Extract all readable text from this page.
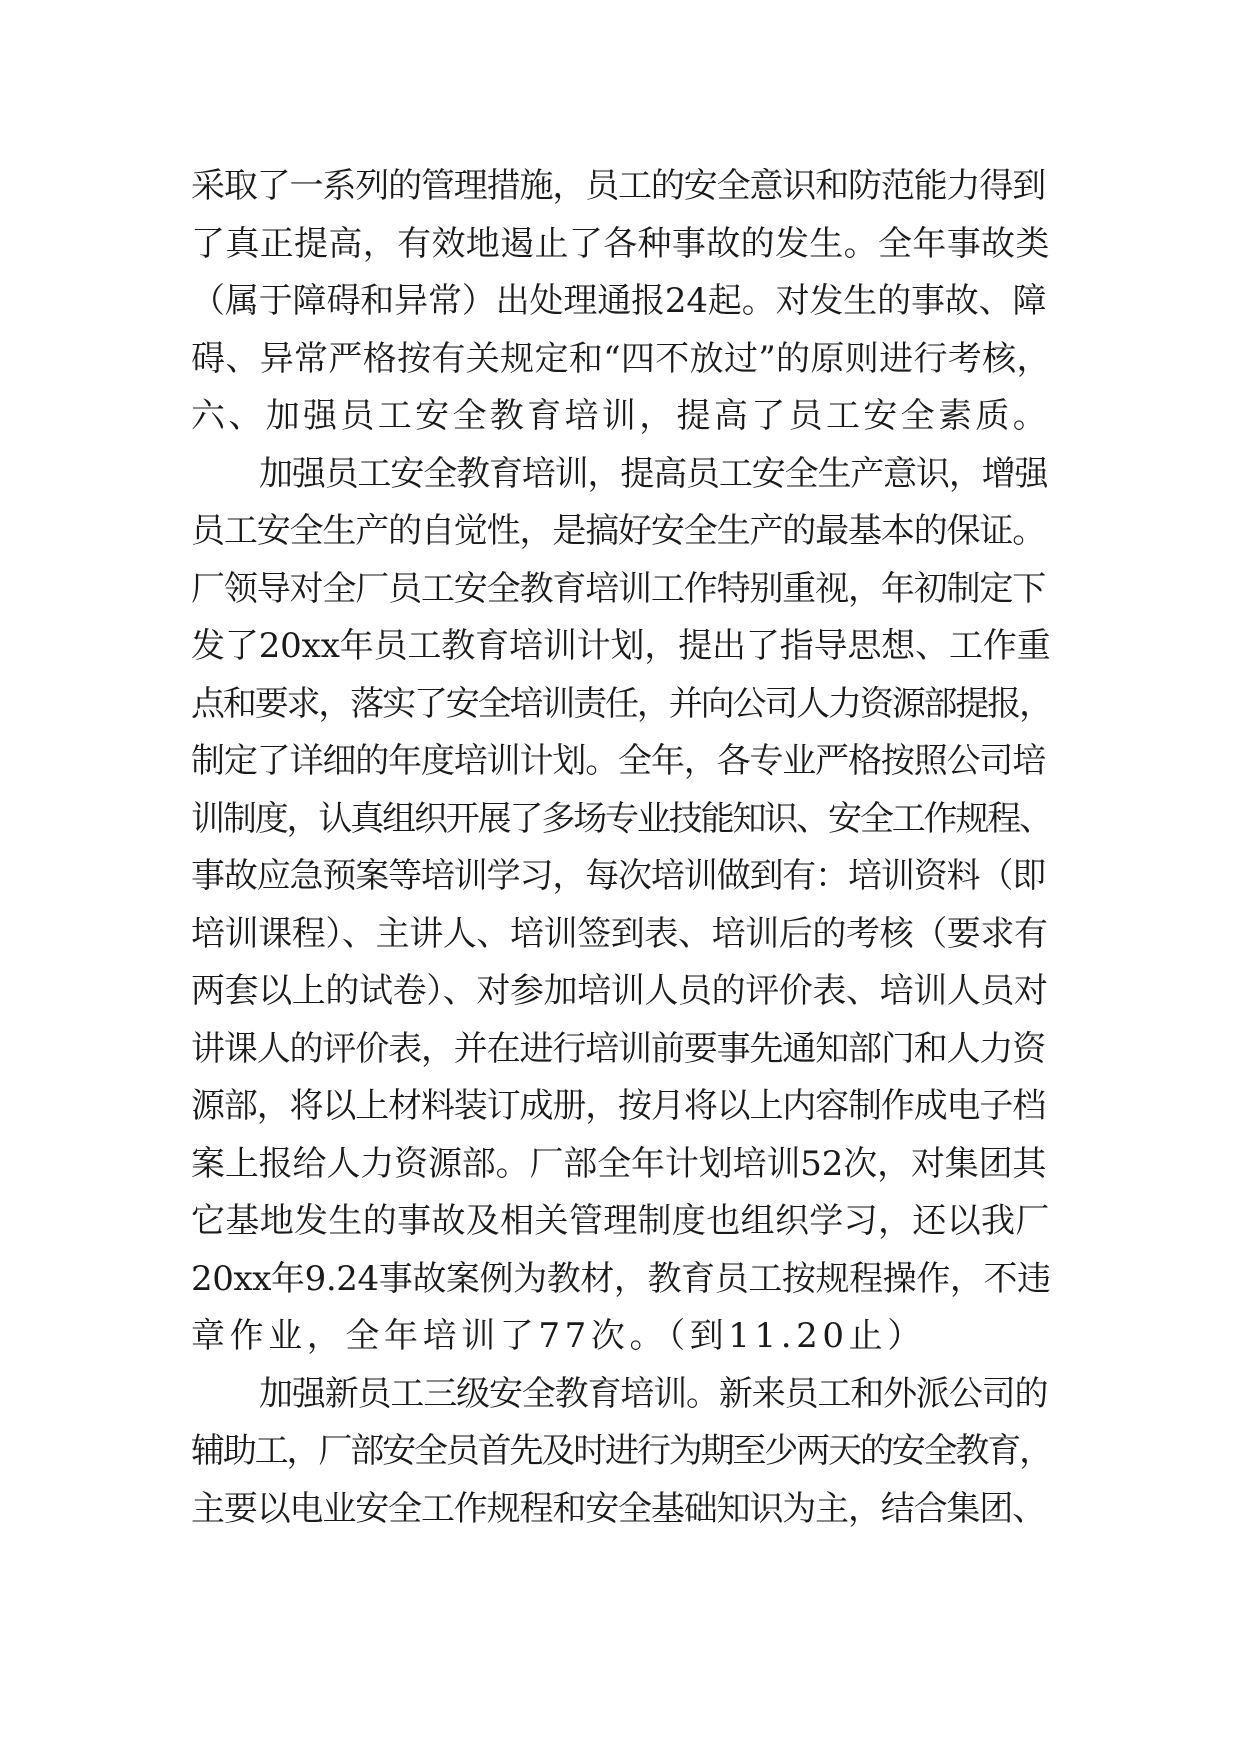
采取了一系列的管理措施，员工的安全意识和防范能力得到
了真正提高，有效地遏止了各种事故的发生。全年事故类
（属于障碍和异常）出处理通报24起。对发生的事故、障
碍、异常严格按有关规定和“四不放过”的原则进行考核，
六、加强员工安全教育培训，提高了员工安全素质。
加强员工安全教育培训，提高员工安全生产意识，增强
员工安全生产的自觉性，是搞好安全生产的最基本的保证。
厂领导对全厂员工安全教育培训工作特别重视，年初制定下
发了20xx年员工教育培训计划，提出了指导思想、工作重
点和要求，落实了安全培训责任，并向公司人力资源部提报，
制定了详细的年度培训计划。全年，各专业严格按照公司培
训制度，认真组织开展了多场专业技能知识、安全工作规程、
事故应急预案等培训学习，每次培训做到有：培训资料（即
培训课程）、主讲人、培训签到表、培训后的考核（要求有
两套以上的试卷）、对参加培训人员的评价表、培训人员对
讲课人的评价表，并在进行培训前要事先通知部门和人力资
源部，将以上材料装订成册，按月将以上内容制作成电子档
案上报给人力资源部。厂部全年计划培训52次，对集团其
它基地发生的事故及相关管理制度也组织学习，还以我厂
20xx年9.24事故案例为教材，教育员工按规程操作，不违
章作业，全年培训了77次。（到11.20止）
加强新员工三级安全教育培训。新来员工和外派公司的
辅助工，厂部安全员首先及时进行为期至少两天的安全教育，
主要以电业安全工作规程和安全基础知识为主，结合集团、
